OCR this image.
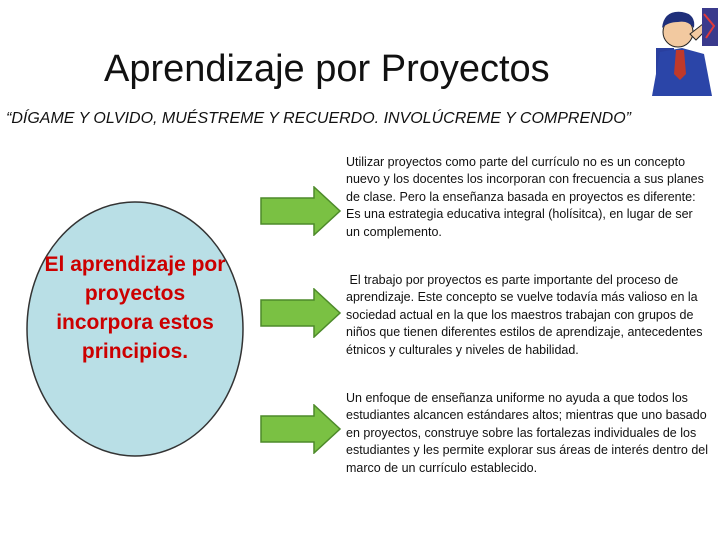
Aprendizaje por Proyectos
“DÍGAME Y OLVIDO, MUÉSTREME Y RECUERDO. INVOLÚCREME Y COMPRENDO”
El aprendizaje por proyectos incorpora estos principios.
Utilizar proyectos como parte del currículo no es un concepto nuevo y los docentes los incorporan con frecuencia a sus planes de clase. Pero la enseñanza basada en proyectos es diferente: Es una estrategia educativa integral (holísitca), en lugar de ser un complemento.
El trabajo por proyectos es parte importante del proceso de aprendizaje. Este concepto se vuelve todavía más valioso en la sociedad actual en la que los maestros trabajan con grupos de niños que tienen diferentes estilos de aprendizaje, antecedentes étnicos y culturales y niveles de habilidad.
Un enfoque de enseñanza uniforme no ayuda a que todos los estudiantes alcancen estándares altos; mientras que uno basado en proyectos, construye sobre las fortalezas individuales de los estudiantes y les permite explorar sus áreas de interés dentro del marco de un currículo establecido.
